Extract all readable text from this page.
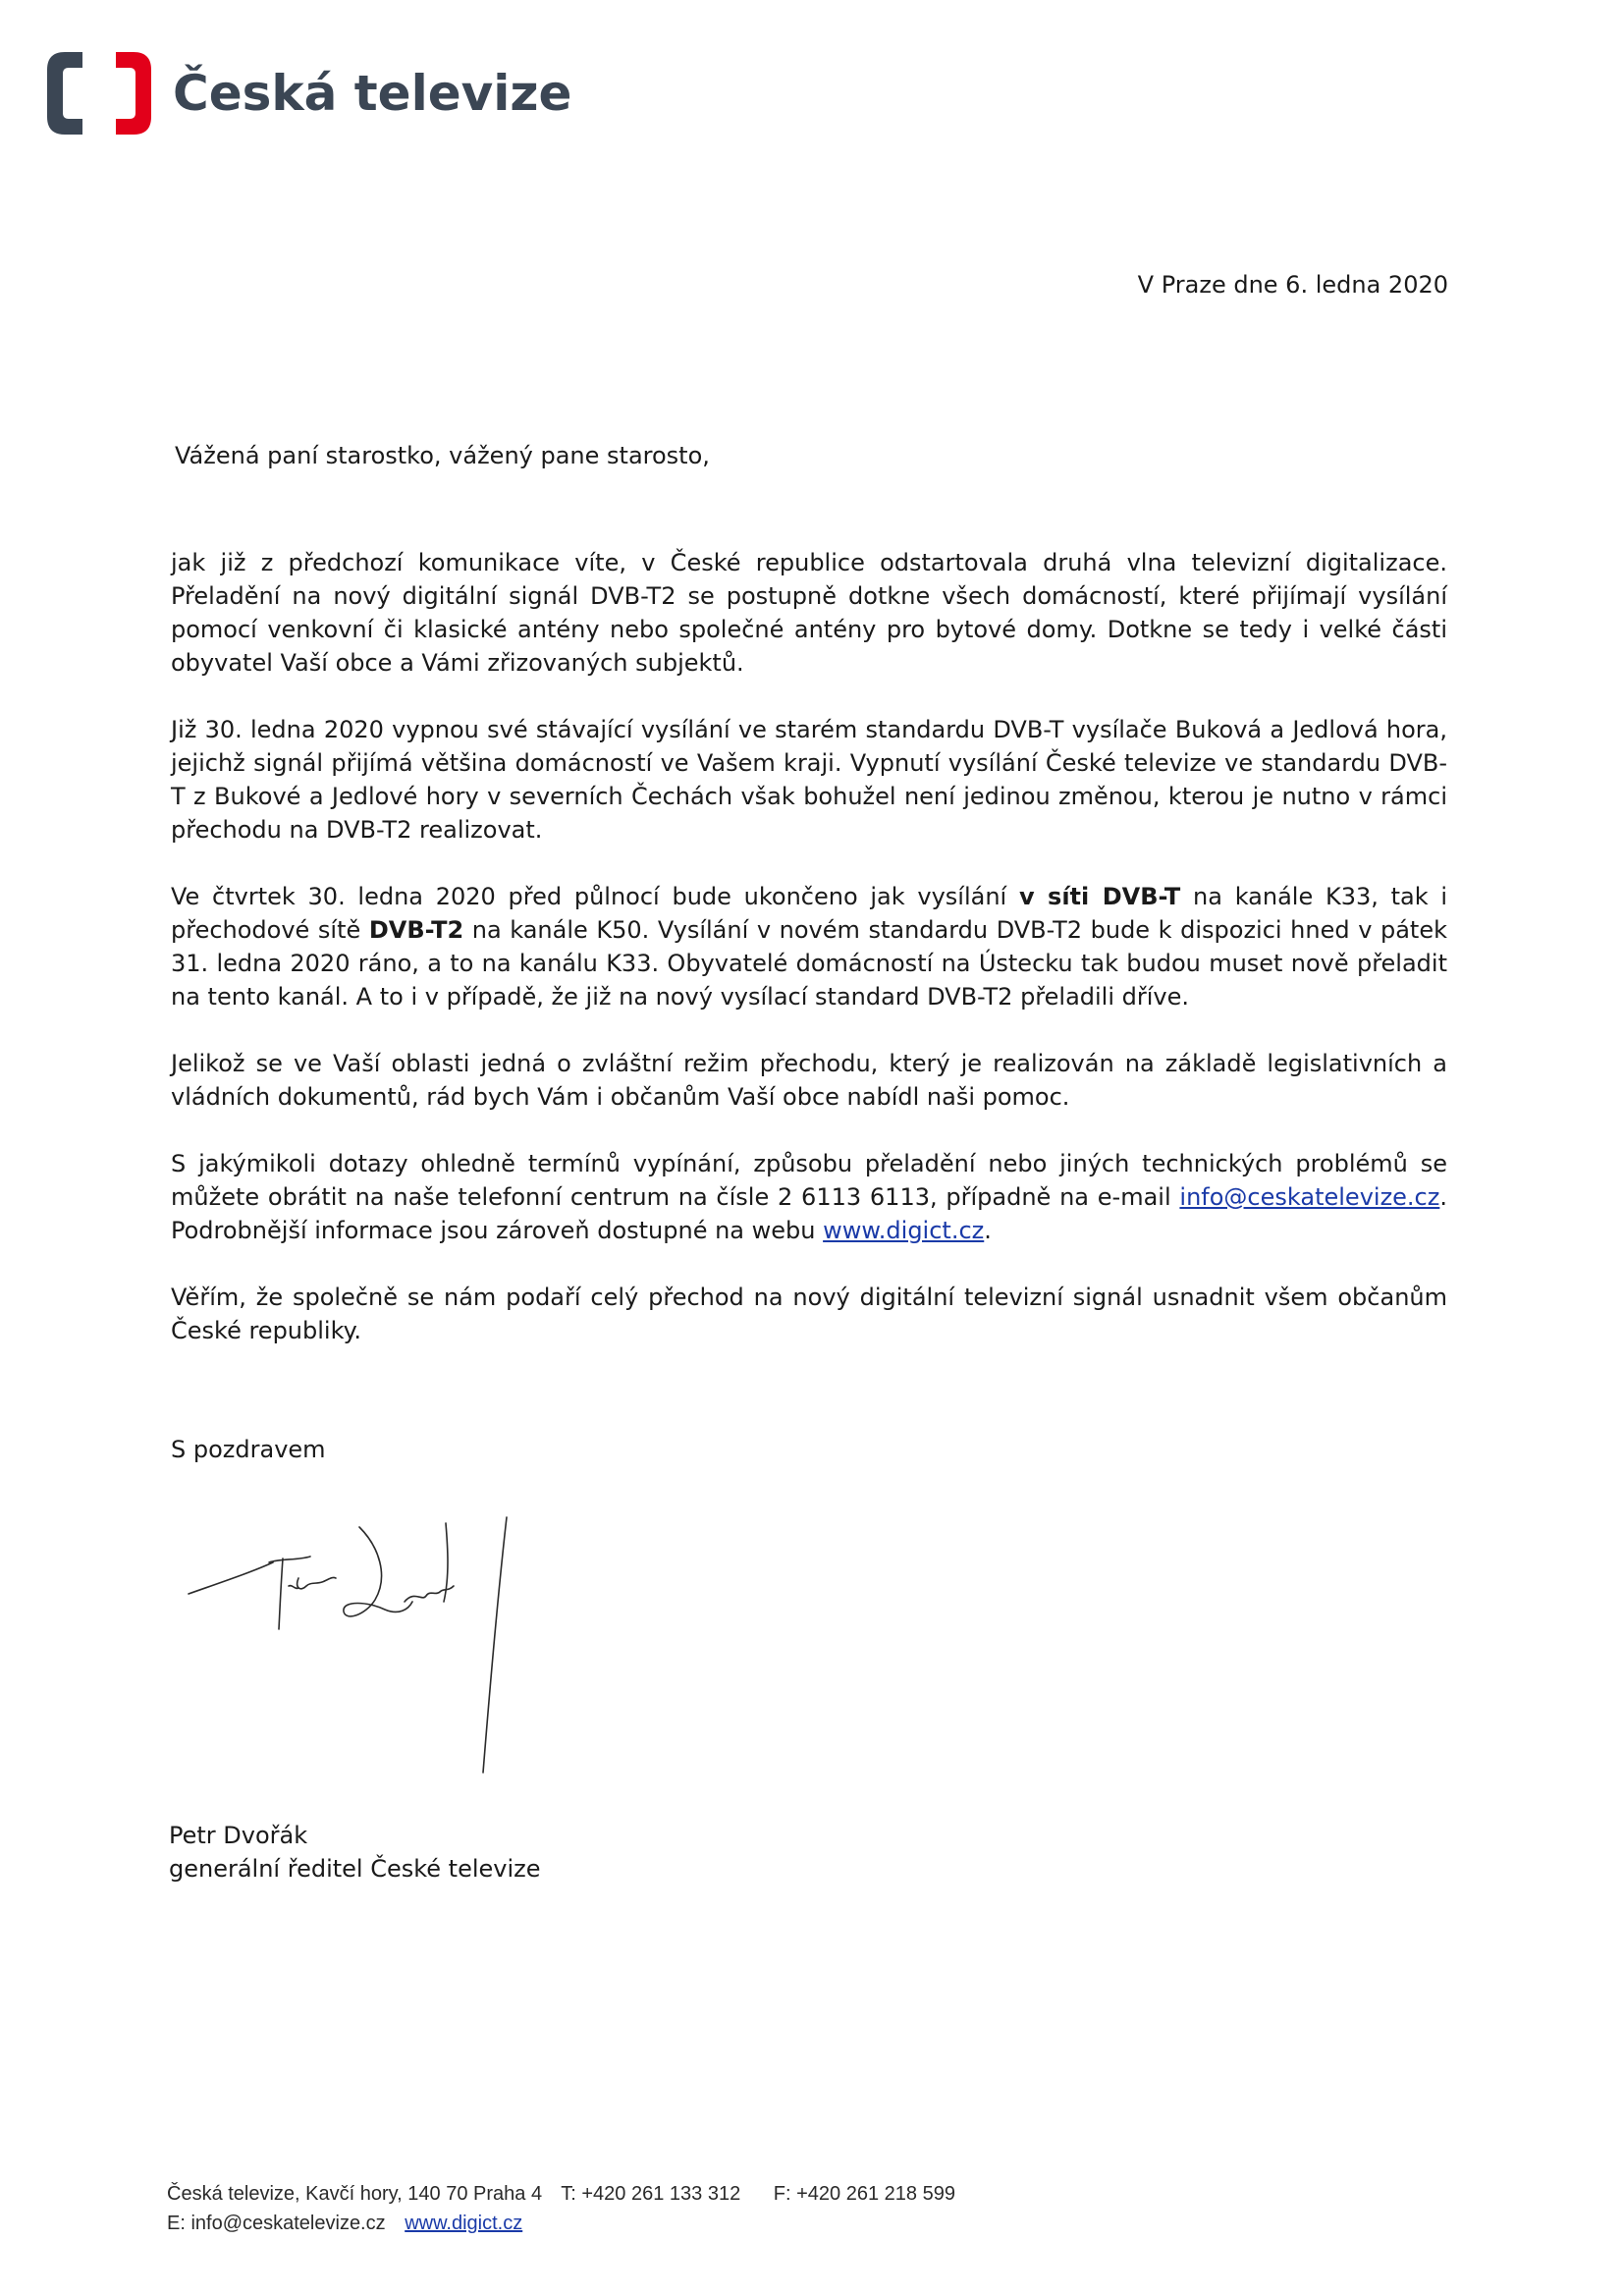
Česká televize
V Praze dne 6. ledna 2020
Vážená paní starostko, vážený pane starosto,

jak již z předchozí komunikace víte, v České republice odstartovala druhá vlna televizní digitalizace. Přeladění na nový digitální signál DVB-T2 se postupně dotkne všech domácností, které přijímají vysílání pomocí venkovní či klasické antény nebo společné antény pro bytové domy. Dotkne se tedy i velké části obyvatel Vaší obce a Vámi zřizovaných subjektů.

Již 30. ledna 2020 vypnou své stávající vysílání ve starém standardu DVB-T vysílače Buková a Jedlová hora, jejichž signál přijímá většina domácností ve Vašem kraji. Vypnutí vysílání České televize ve standardu DVB-T z Bukové a Jedlové hory v severních Čechách však bohužel není jedinou změnou, kterou je nutno v rámci přechodu na DVB-T2 realizovat.

Ve čtvrtek 30. ledna 2020 před půlnocí bude ukončeno jak vysílání v síti DVB-T na kanále K33, tak i přechodové sítě DVB-T2 na kanále K50. Vysílání v novém standardu DVB-T2 bude k dispozici hned v pátek 31. ledna 2020 ráno, a to na kanálu K33. Obyvatelé domácností na Ústecku tak budou muset nově přeladit na tento kanál. A to i v případě, že již na nový vysílací standard DVB-T2 přeladili dříve.

Jelikož se ve Vaší oblasti jedná o zvláštní režim přechodu, který je realizován na základě legislativních a vládních dokumentů, rád bych Vám i občanům Vaší obce nabídl naši pomoc.

S jakýmikoli dotazy ohledně termínů vypínání, způsobu přeladění nebo jiných technických problémů se můžete obrátit na naše telefonní centrum na čísle 2 6113 6113, případně na e-mail info@ceskatelevize.cz. Podrobnější informace jsou zároveň dostupné na webu www.digict.cz.

Věřím, že společně se nám podaří celý přechod na nový digitální televizní signál usnadnit všem občanům České republiky.

S pozdravem
Petr Dvořák
generální ředitel České televize
Česká televize, Kavčí hory, 140 70 Praha 4 T: +420 261 133 312 F: +420 261 218 599
E: info@ceskatelevize.cz www.digict.cz
